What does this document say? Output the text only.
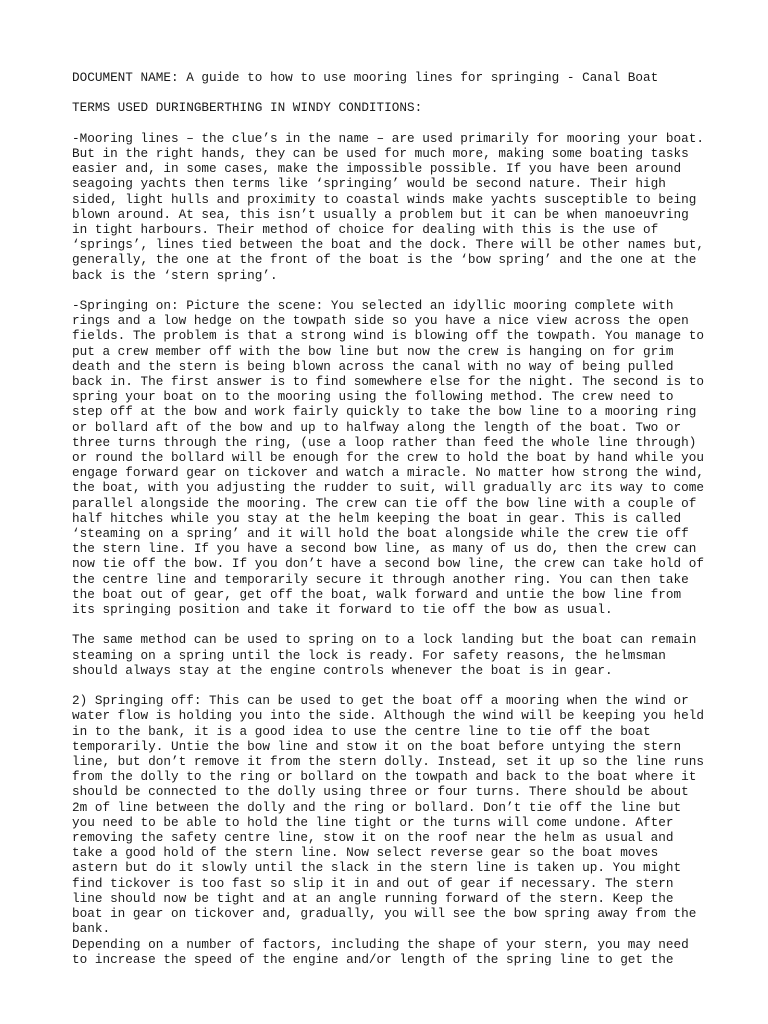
DOCUMENT NAME: A guide to how to use mooring lines for springing - Canal Boat

TERMS USED DURINGBERTHING IN WINDY CONDITIONS:

-Mooring lines – the clue’s in the name – are used primarily for mooring your boat.
But in the right hands, they can be used for much more, making some boating tasks
easier and, in some cases, make the impossible possible. If you have been around
seagoing yachts then terms like ‘springing’ would be second nature. Their high
sided, light hulls and proximity to coastal winds make yachts susceptible to being
blown around. At sea, this isn’t usually a problem but it can be when manoeuvring
in tight harbours. Their method of choice for dealing with this is the use of
‘springs’, lines tied between the boat and the dock. There will be other names but,
generally, the one at the front of the boat is the ‘bow spring’ and the one at the
back is the ‘stern spring’.

-Springing on: Picture the scene: You selected an idyllic mooring complete with
rings and a low hedge on the towpath side so you have a nice view across the open
fields. The problem is that a strong wind is blowing off the towpath. You manage to
put a crew member off with the bow line but now the crew is hanging on for grim
death and the stern is being blown across the canal with no way of being pulled
back in. The first answer is to find somewhere else for the night. The second is to
spring your boat on to the mooring using the following method. The crew need to
step off at the bow and work fairly quickly to take the bow line to a mooring ring
or bollard aft of the bow and up to halfway along the length of the boat. Two or
three turns through the ring, (use a loop rather than feed the whole line through)
or round the bollard will be enough for the crew to hold the boat by hand while you
engage forward gear on tickover and watch a miracle. No matter how strong the wind,
the boat, with you adjusting the rudder to suit, will gradually arc its way to come
parallel alongside the mooring. The crew can tie off the bow line with a couple of
half hitches while you stay at the helm keeping the boat in gear. This is called
‘steaming on a spring’ and it will hold the boat alongside while the crew tie off
the stern line. If you have a second bow line, as many of us do, then the crew can
now tie off the bow. If you don’t have a second bow line, the crew can take hold of
the centre line and temporarily secure it through another ring. You can then take
the boat out of gear, get off the boat, walk forward and untie the bow line from
its springing position and take it forward to tie off the bow as usual.

The same method can be used to spring on to a lock landing but the boat can remain
steaming on a spring until the lock is ready. For safety reasons, the helmsman
should always stay at the engine controls whenever the boat is in gear.

2) Springing off: This can be used to get the boat off a mooring when the wind or
water flow is holding you into the side. Although the wind will be keeping you held
in to the bank, it is a good idea to use the centre line to tie off the boat
temporarily. Untie the bow line and stow it on the boat before untying the stern
line, but don’t remove it from the stern dolly. Instead, set it up so the line runs
from the dolly to the ring or bollard on the towpath and back to the boat where it
should be connected to the dolly using three or four turns. There should be about
2m of line between the dolly and the ring or bollard. Don’t tie off the line but
you need to be able to hold the line tight or the turns will come undone. After
removing the safety centre line, stow it on the roof near the helm as usual and
take a good hold of the stern line. Now select reverse gear so the boat moves
astern but do it slowly until the slack in the stern line is taken up. You might
find tickover is too fast so slip it in and out of gear if necessary. The stern
line should now be tight and at an angle running forward of the stern. Keep the
boat in gear on tickover and, gradually, you will see the bow spring away from the
bank.

Depending on a number of factors, including the shape of your stern, you may need
to increase the speed of the engine and/or length of the spring line to get the
